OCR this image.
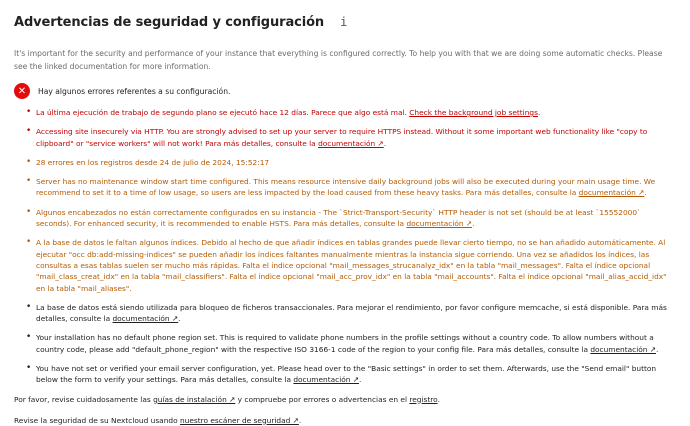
Advertencias de seguridad y configuración i
It's important for the security and performance of your instance that everything is configured correctly. To help you with that we are doing some automatic checks. Please see the linked documentation for more information.
✕	Hay algunos errores referentes a su configuración.
• La última ejecución de trabajo de segundo plano se ejecutó hace 12 días. Parece que algo está mal. Check the background job settings.
• Accessing site insecurely via HTTP. You are strongly advised to set up your server to require HTTPS instead. Without it some important web functionality like "copy to clipboard" or "service workers" will not work! Para más detalles, consulte la documentación ↗.
• 28 errores en los registros desde 24 de julio de 2024, 15:52:17
• Server has no maintenance window start time configured. This means resource intensive daily background jobs will also be executed during your main usage time. We recommend to set it to a time of low usage, so users are less impacted by the load caused from these heavy tasks. Para más detalles, consulte la documentación ↗.
• Algunos encabezados no están correctamente configurados en su instancia - The `Strict-Transport-Security` HTTP header is not set (should be at least `15552000` seconds). For enhanced security, it is recommended to enable HSTS. Para más detalles, consulte la documentación ↗.
• A la base de datos le faltan algunos índices. Debido al hecho de que añadir índices en tablas grandes puede llevar cierto tiempo, no se han añadido automáticamente. Al ejecutar "occ db:add-missing-indices" se pueden añadir los índices faltantes manualmente mientras la instancia sigue corriendo. Una vez se añadidos los índices, las consultas a esas tablas suelen ser mucho más rápidas. Falta el índice opcional "mail_messages_strucanalyz_idx" en la tabla "mail_messages". Falta el índice opcional "mail_class_creat_idx" en la tabla "mail_classifiers". Falta el índice opcional "mail_acc_prov_idx" en la tabla "mail_accounts". Falta el índice opcional "mail_alias_accid_idx" en la tabla "mail_aliases".
• La base de datos está siendo utilizada para bloqueo de ficheros transaccionales. Para mejorar el rendimiento, por favor configure memcache, si está disponible. Para más detalles, consulte la documentación ↗.
• Your installation has no default phone region set. This is required to validate phone numbers in the profile settings without a country code. To allow numbers without a country code, please add "default_phone_region" with the respective ISO 3166-1 code of the region to your config file. Para más detalles, consulte la documentación ↗.
• You have not set or verified your email server configuration, yet. Please head over to the "Basic settings" in order to set them. Afterwards, use the "Send email" button below the form to verify your settings. Para más detalles, consulte la documentación ↗.
Por favor, revise cuidadosamente las guías de instalación ↗ y compruebe por errores o advertencias en el registro.
Revise la seguridad de su Nextcloud usando nuestro escáner de seguridad ↗.
